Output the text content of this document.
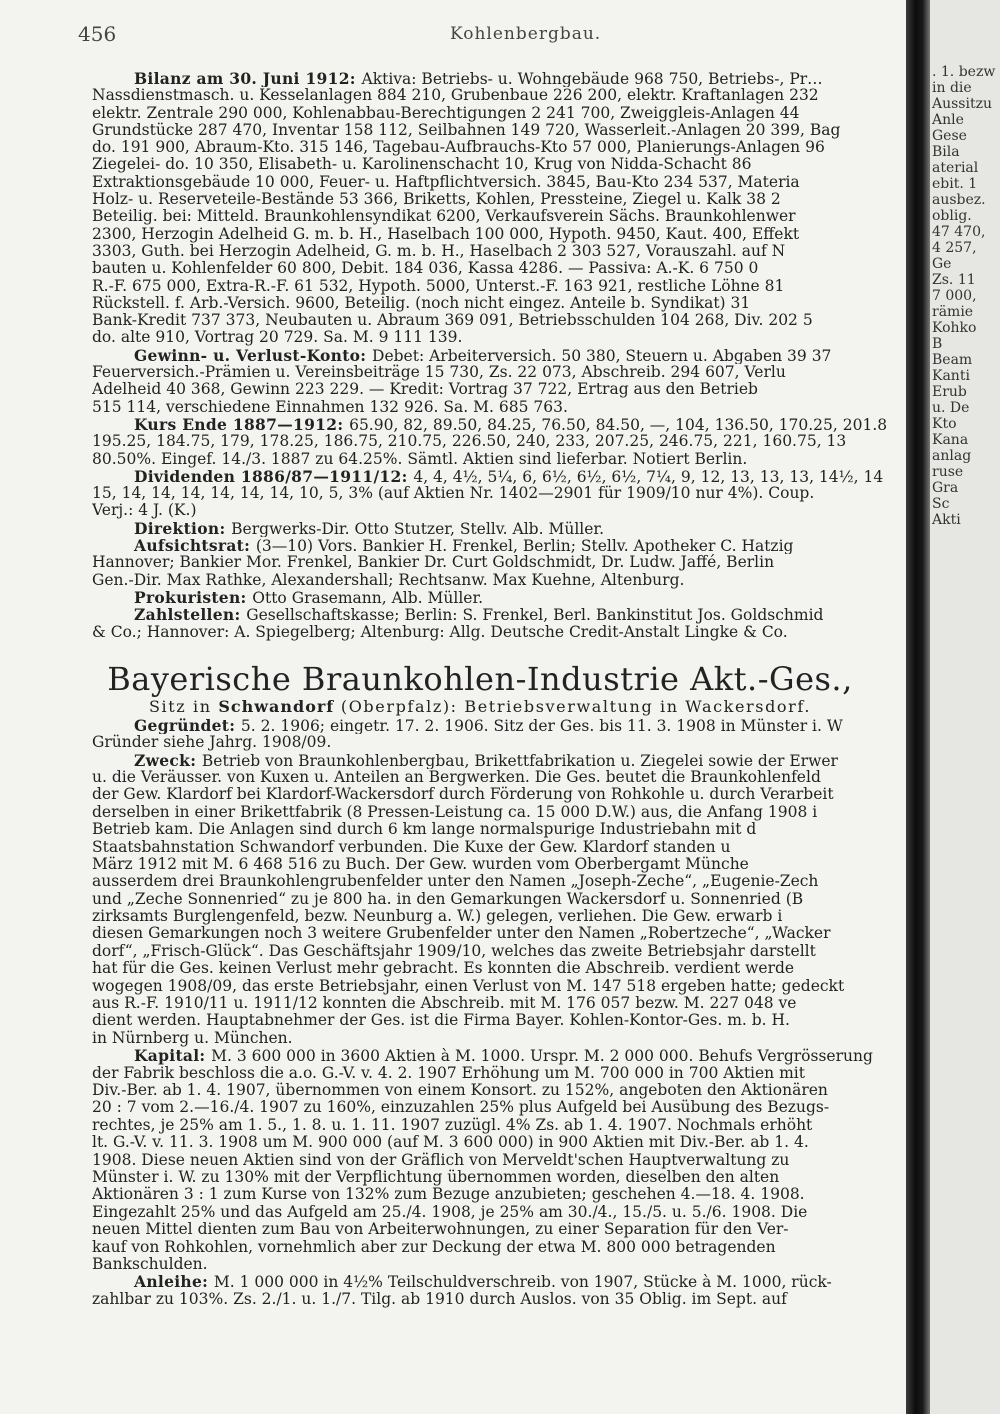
456	Kohlenbergbau.
Bilanz am 30. Juni 1912: Aktiva: Betriebs- u. Wohngebäude 968 750, Betriebs-, Pr…
Nassdienstmasch. u. Kesselanlagen 884 210, Grubenbaue 226 200, elektr. Kraftanlagen 232
elektr. Zentrale 290 000, Kohlenabbau-Berechtigungen 2 241 700, Zweiggleis-Anlagen 44
Grundstücke 287 470, Inventar 158 112, Seilbahnen 149 720, Wasserleit.-Anlagen 20 399, Bag
do. 191 900, Abraum-Kto. 315 146, Tagebau-Aufbrauchs-Kto 57 000, Planierungs-Anlagen 96
Ziegelei- do. 10 350, Elisabeth- u. Karolinenschacht 10, Krug von Nidda-Schacht 86
Extraktionsgebäude 10 000, Feuer- u. Haftpflichtversich. 3845, Bau-Kto 234 537, Materia
Holz- u. Reserveteile-Bestände 53 366, Briketts, Kohlen, Pressteine, Ziegel u. Kalk 38 2
Beteilig. bei: Mitteld. Braunkohlensyndikat 6200, Verkaufsverein Sächs. Braunkohlenwer
2300, Herzogin Adelheid G. m. b. H., Haselbach 100 000, Hypoth. 9450, Kaut. 400, Effekt
3303, Guth. bei Herzogin Adelheid, G. m. b. H., Haselbach 2 303 527, Vorauszahl. auf N
bauten u. Kohlenfelder 60 800, Debit. 184 036, Kassa 4286. — Passiva: A.-K. 6 750 0
R.-F. 675 000, Extra-R.-F. 61 532, Hypoth. 5000, Unterst.-F. 163 921, restliche Löhne 81
Rückstell. f. Arb.-Versich. 9600, Beteilig. (noch nicht eingez. Anteile b. Syndikat) 31
Bank-Kredit 737 373, Neubauten u. Abraum 369 091, Betriebsschulden 104 268, Div. 202 5
do. alte 910, Vortrag 20 729. Sa. M. 9 111 139.
Gewinn- u. Verlust-Konto: Debet: Arbeiterversich. 50 380, Steuern u. Abgaben 39 37
Feuerversich.-Prämien u. Vereinsbeiträge 15 730, Zs. 22 073, Abschreib. 294 607, Verlu
Adelheid 40 368, Gewinn 223 229. — Kredit: Vortrag 37 722, Ertrag aus den Betrieb
515 114, verschiedene Einnahmen 132 926. Sa. M. 685 763.
Kurs Ende 1887—1912: 65.90, 82, 89.50, 84.25, 76.50, 84.50, —, 104, 136.50, 170.25, 201.8
195.25, 184.75, 179, 178.25, 186.75, 210.75, 226.50, 240, 233, 207.25, 246.75, 221, 160.75, 13
80.50%. Eingef. 14./3. 1887 zu 64.25%. Sämtl. Aktien sind lieferbar. Notiert Berlin.
Dividenden 1886/87—1911/12: 4, 4, 4½, 5¼, 6, 6½, 6½, 6½, 7¼, 9, 12, 13, 13, 13, 14½, 14
15, 14, 14, 14, 14, 14, 14, 10, 5, 3% (auf Aktien Nr. 1402—2901 für 1909/10 nur 4%). Coup.
Verj.: 4 J. (K.)
Direktion: Bergwerks-Dir. Otto Stutzer, Stellv. Alb. Müller.
Aufsichtsrat: (3—10) Vors. Bankier H. Frenkel, Berlin; Stellv. Apotheker C. Hatzig
Hannover; Bankier Mor. Frenkel, Bankier Dr. Curt Goldschmidt, Dr. Ludw. Jaffé, Berlin
Gen.-Dir. Max Rathke, Alexandershall; Rechtsanw. Max Kuehne, Altenburg.
Prokuristen: Otto Grasemann, Alb. Müller.
Zahlstellen: Gesellschaftskasse; Berlin: S. Frenkel, Berl. Bankinstitut Jos. Goldschmid
& Co.; Hannover: A. Spiegelberg; Altenburg: Allg. Deutsche Credit-Anstalt Lingke & Co.
Bayerische Braunkohlen-Industrie Akt.-Ges.,
Sitz in Schwandorf (Oberpfalz): Betriebsverwaltung in Wackersdorf.
Gegründet: 5. 2. 1906; eingetr. 17. 2. 1906. Sitz der Ges. bis 11. 3. 1908 in Münster i. W
Gründer siehe Jahrg. 1908/09.
Zweck: Betrieb von Braunkohlenbergbau, Brikettfabrikation u. Ziegelei sowie der Erwer
u. die Veräusser. von Kuxen u. Anteilen an Bergwerken. Die Ges. beutet die Braunkohlenfeld
der Gew. Klardorf bei Klardorf-Wackersdorf durch Förderung von Rohkohle u. durch Verarbeit
derselben in einer Brikettfabrik (8 Pressen-Leistung ca. 15 000 D.W.) aus, die Anfang 1908 i
Betrieb kam. Die Anlagen sind durch 6 km lange normalspurige Industriebahn mit d
Staatsbahnstation Schwandorf verbunden. Die Kuxe der Gew. Klardorf standen u
März 1912 mit M. 6 468 516 zu Buch. Der Gew. wurden vom Oberbergamt Münche
ausserdem drei Braunkohlengrubenfelder unter den Namen „Joseph-Zeche“, „Eugenie-Zech
und „Zeche Sonnenried“ zu je 800 ha. in den Gemarkungen Wackersdorf u. Sonnenried (B
zirksamts Burglengenfeld, bezw. Neunburg a. W.) gelegen, verliehen. Die Gew. erwarb i
diesen Gemarkungen noch 3 weitere Grubenfelder unter den Namen „Robertzeche“, „Wacker
dorf“, „Frisch-Glück“. Das Geschäftsjahr 1909/10, welches das zweite Betriebsjahr darstellt
hat für die Ges. keinen Verlust mehr gebracht. Es konnten die Abschreib. verdient werde
wogegen 1908/09, das erste Betriebsjahr, einen Verlust von M. 147 518 ergeben hatte; gedeckt
aus R.-F. 1910/11 u. 1911/12 konnten die Abschreib. mit M. 176 057 bezw. M. 227 048 ve
dient werden. Hauptabnehmer der Ges. ist die Firma Bayer. Kohlen-Kontor-Ges. m. b. H.
in Nürnberg u. München.
Kapital: M. 3 600 000 in 3600 Aktien à M. 1000. Urspr. M. 2 000 000. Behufs Vergrösserung
der Fabrik beschloss die a.o. G.-V. v. 4. 2. 1907 Erhöhung um M. 700 000 in 700 Aktien mit
Div.-Ber. ab 1. 4. 1907, übernommen von einem Konsort. zu 152%, angeboten den Aktionären
20 : 7 vom 2.—16./4. 1907 zu 160%, einzuzahlen 25% plus Aufgeld bei Ausübung des Bezugs-
rechtes, je 25% am 1. 5., 1. 8. u. 1. 11. 1907 zuzügl. 4% Zs. ab 1. 4. 1907. Nochmals erhöht
lt. G.-V. v. 11. 3. 1908 um M. 900 000 (auf M. 3 600 000) in 900 Aktien mit Div.-Ber. ab 1. 4.
1908. Diese neuen Aktien sind von der Gräflich von Merveldt'schen Hauptverwaltung zu
Münster i. W. zu 130% mit der Verpflichtung übernommen worden, dieselben den alten
Aktionären 3 : 1 zum Kurse von 132% zum Bezuge anzubieten; geschehen 4.—18. 4. 1908.
Eingezahlt 25% und das Aufgeld am 25./4. 1908, je 25% am 30./4., 15./5. u. 5./6. 1908. Die
neuen Mittel dienten zum Bau von Arbeiterwohnungen, zu einer Separation für den Ver-
kauf von Rohkohlen, vornehmlich aber zur Deckung der etwa M. 800 000 betragenden
Bankschulden.
Anleihe: M. 1 000 000 in 4½% Teilschuldverschreib. von 1907, Stücke à M. 1000, rück-
zahlbar zu 103%. Zs. 2./1. u. 1./7. Tilg. ab 1910 durch Auslos. von 35 Oblig. im Sept. auf
. 1. bezw
in die
Aussitzu
Anle
Gese
Bila
aterial
ebit. 1
ausbez.
oblig.
47 470,
4 257,
Ge
Zs. 11
7 000,
rämie
Kohko
B
Beam
Kanti
Erub
u. De
Kto
Kana
anlag
ruse
Gra
Sc
Akti
